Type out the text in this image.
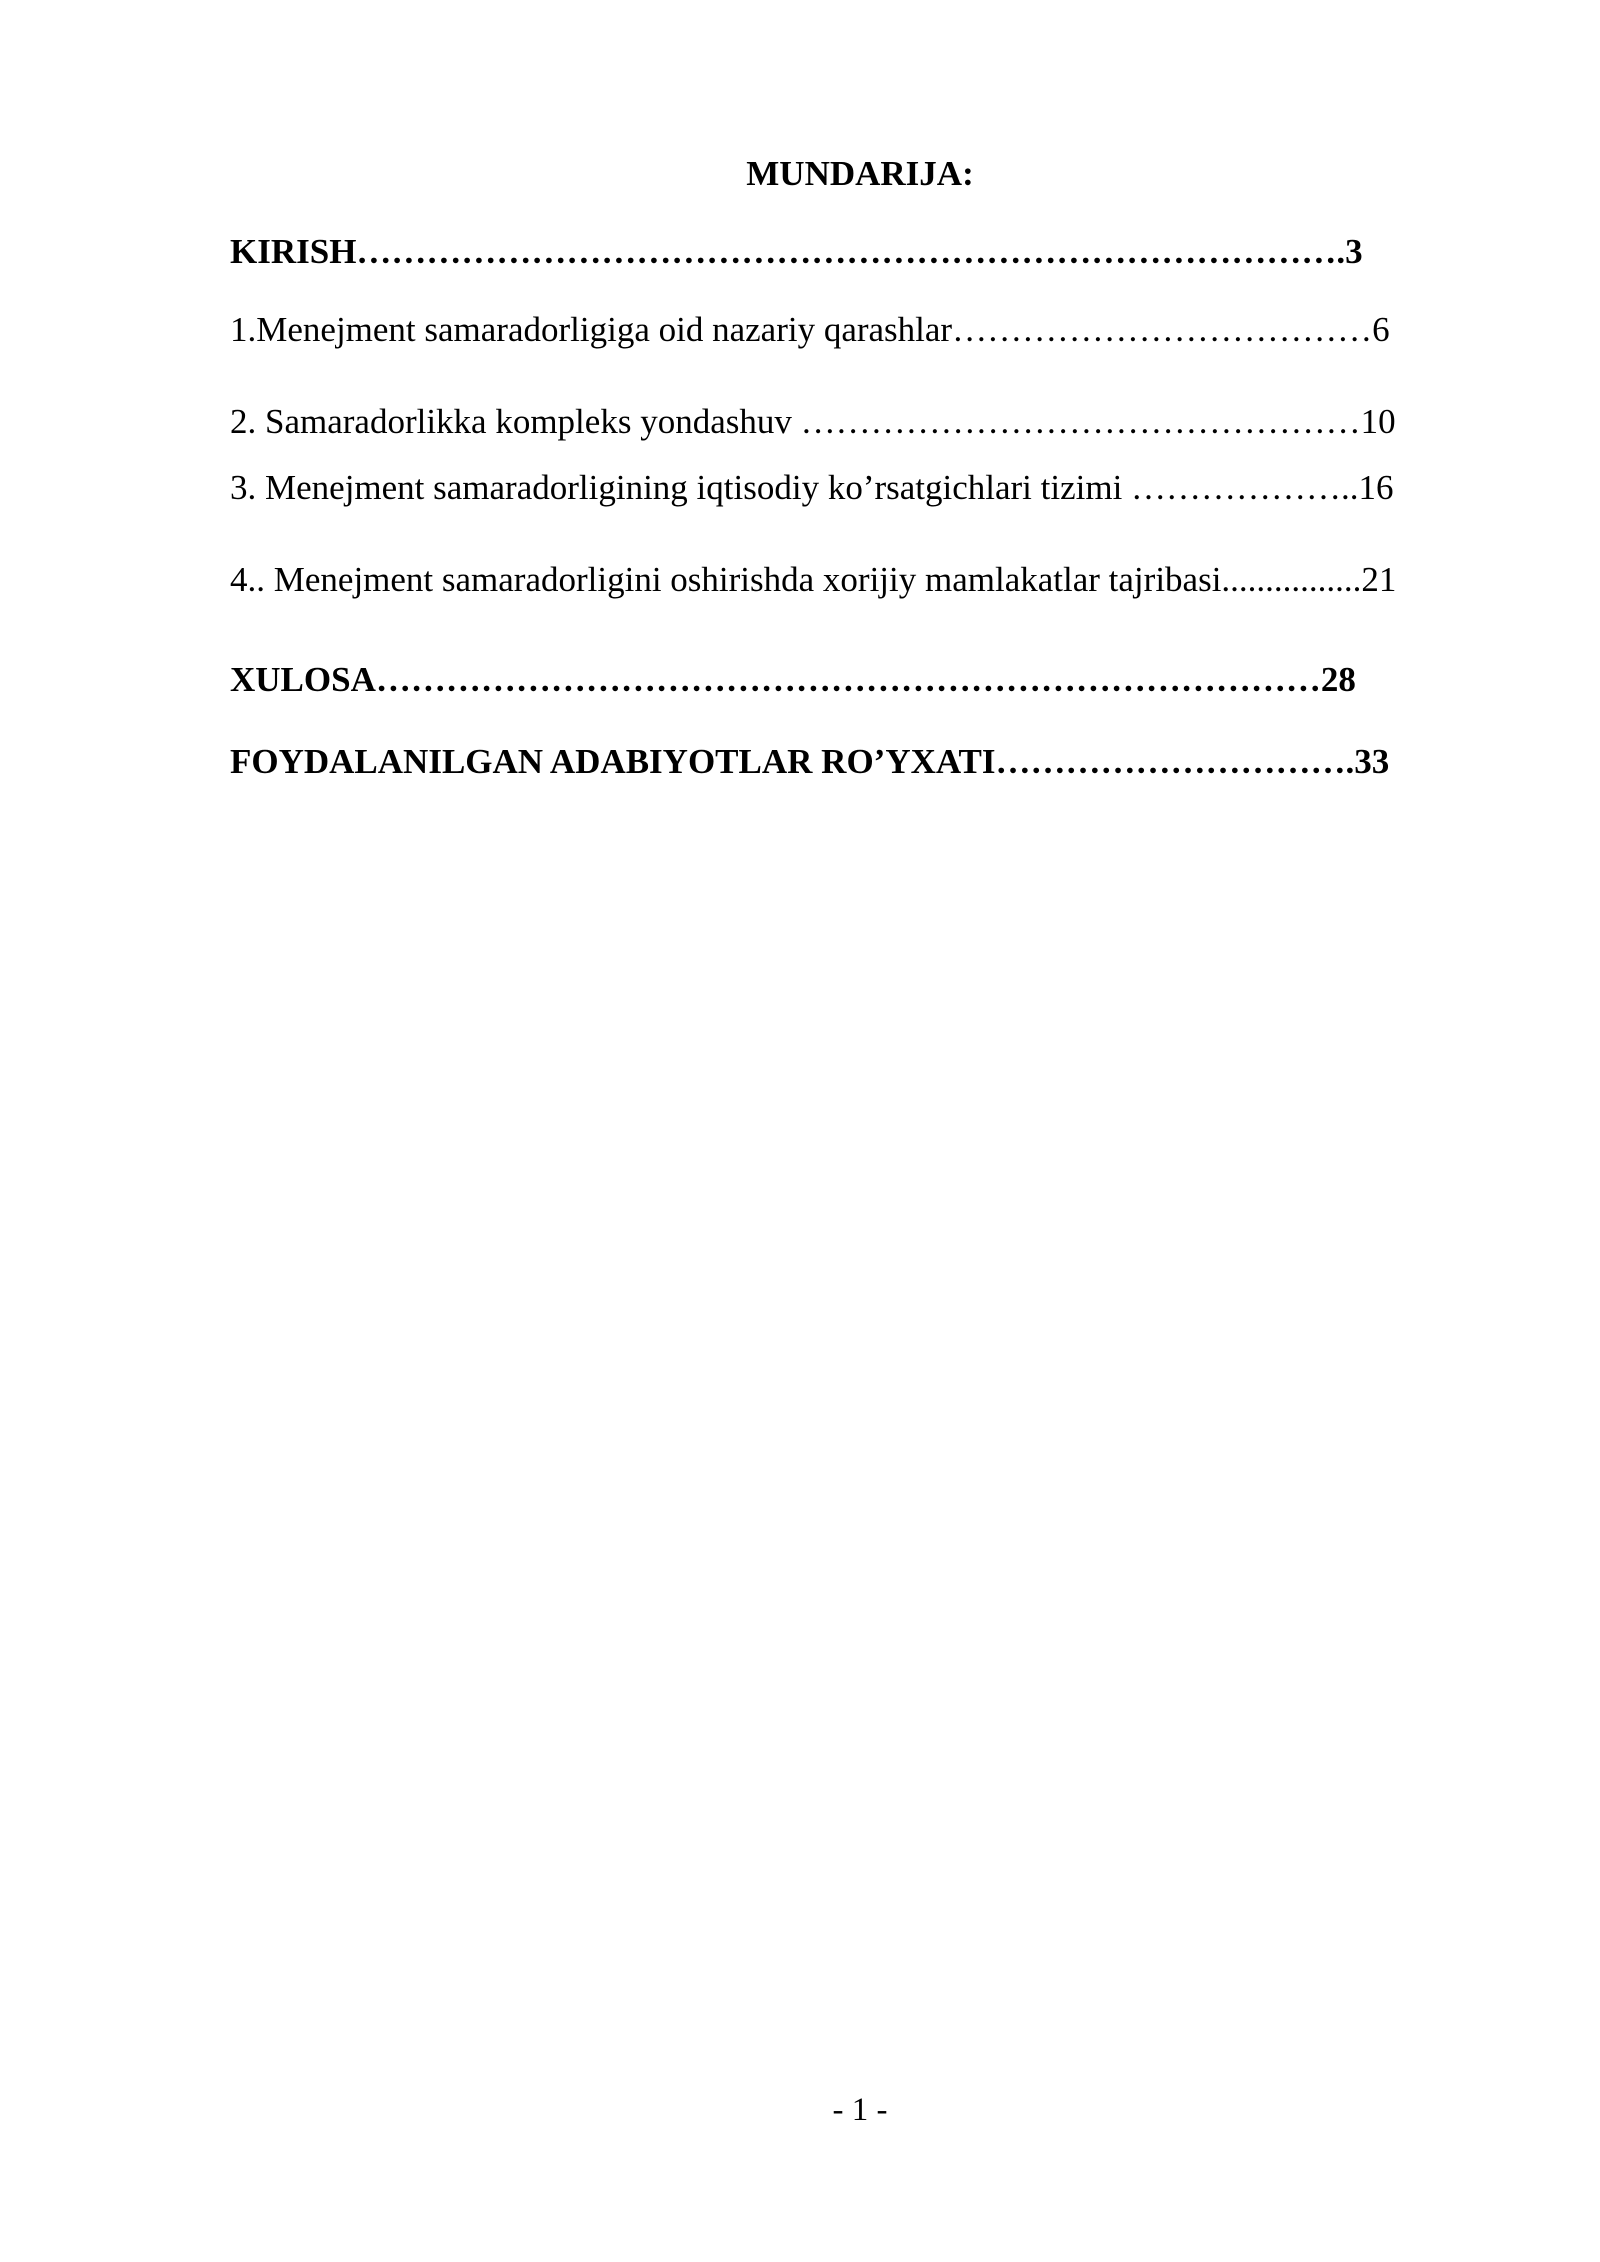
MUNDARIJA:
KIRISH………………………………………………………………………….3
1.Menejment samaradorligiga oid nazariy qarashlar………………………………6
2. Samaradorlikka kompleks yondashuv …………………………………………10
3. Menejment samaradorligining iqtisodiy ko’rsatgichlari tizimi ………………..16
4.. Menejment samaradorligini oshirishda xorijiy mamlakatlar tajribasi................21
XULOSA………………………………………………………………………28
FOYDALANILGAN ADABIYOTLAR RO’YXATI………………………….33
- 1 -
